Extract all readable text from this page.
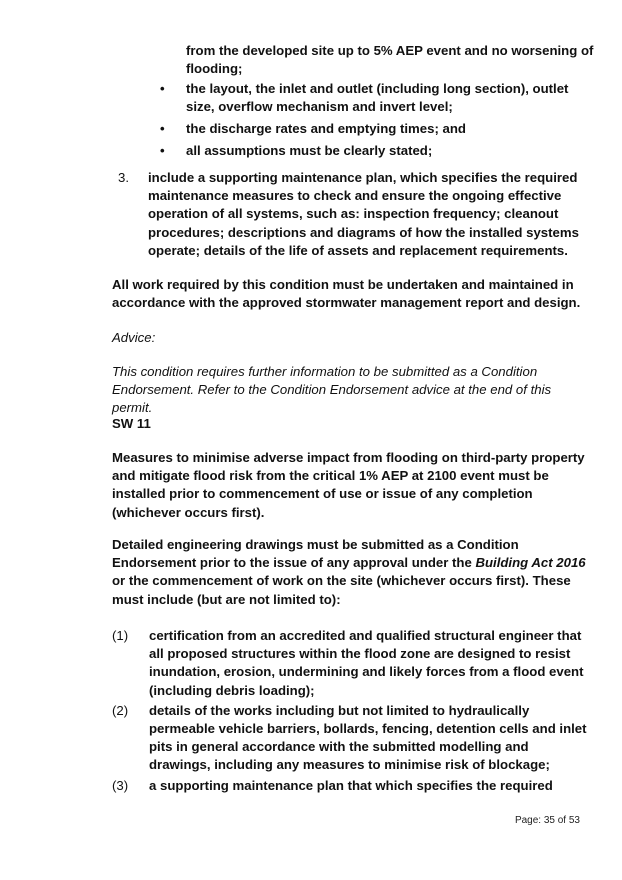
from the developed site up to 5% AEP event and no worsening of flooding;
• the layout, the inlet and outlet (including long section), outlet size, overflow mechanism and invert level;
• the discharge rates and emptying times; and
• all assumptions must be clearly stated;
3. include a supporting maintenance plan, which specifies the required maintenance measures to check and ensure the ongoing effective operation of all systems, such as: inspection frequency; cleanout procedures; descriptions and diagrams of how the installed systems operate; details of the life of assets and replacement requirements.
All work required by this condition must be undertaken and maintained in accordance with the approved stormwater management report and design.
Advice:
This condition requires further information to be submitted as a Condition Endorsement. Refer to the Condition Endorsement advice at the end of this permit.
SW 11
Measures to minimise adverse impact from flooding on third-party property and mitigate flood risk from the critical 1% AEP at 2100 event must be installed prior to commencement of use or issue of any completion (whichever occurs first).
Detailed engineering drawings must be submitted as a Condition Endorsement prior to the issue of any approval under the Building Act 2016 or the commencement of work on the site (whichever occurs first). These must include (but are not limited to):
(1) certification from an accredited and qualified structural engineer that all proposed structures within the flood zone are designed to resist inundation, erosion, undermining and likely forces from a flood event (including debris loading);
(2) details of the works including but not limited to hydraulically permeable vehicle barriers, bollards, fencing, detention cells and inlet pits in general accordance with the submitted modelling and drawings, including any measures to minimise risk of blockage;
(3) a supporting maintenance plan that which specifies the required
Page: 35 of 53
